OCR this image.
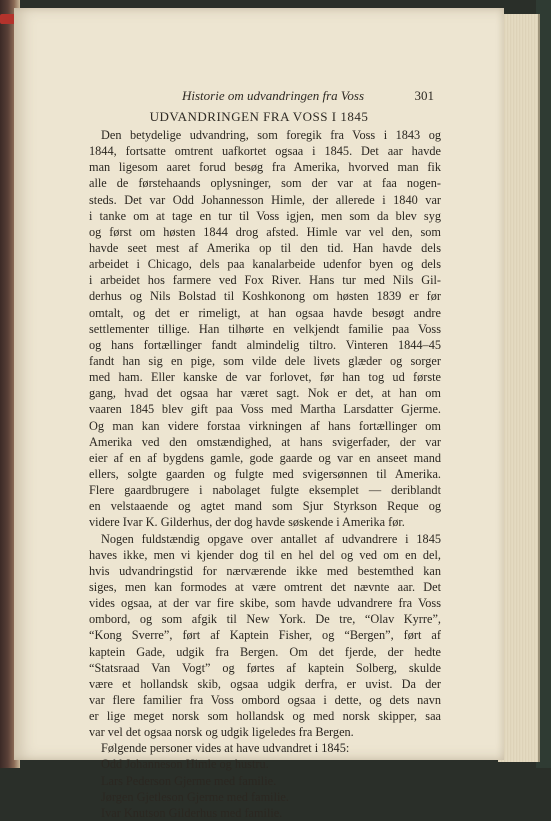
Historie om udvandringen fra Voss	301
UDVANDRINGEN FRA VOSS I 1845
Den betydelige udvandring, som foregik fra Voss i 1843 og
1844, fortsatte omtrent uafkortet ogsaa i 1845. Det aar havde
man ligesom aaret forud besøg fra Amerika, hvorved man fik
alle de førstehaands oplysninger, som der var at faa nogen-
steds. Det var Odd Johannesson Himle, der allerede i 1840 var
i tanke om at tage en tur til Voss igjen, men som da blev syg
og først om høsten 1844 drog afsted. Himle var vel den, som
havde seet mest af Amerika op til den tid. Han havde dels
arbeidet i Chicago, dels paa kanalarbeide udenfor byen og dels
i arbeidet hos farmere ved Fox River. Hans tur med Nils Gil-
derhus og Nils Bolstad til Koshkonong om høsten 1839 er før
omtalt, og det er rimeligt, at han ogsaa havde besøgt andre
settlementer tillige. Han tilhørte en velkjendt familie paa Voss
og hans fortællinger fandt almindelig tiltro. Vinteren 1844–45
fandt han sig en pige, som vilde dele livets glæder og sorger
med ham. Eller kanske de var forlovet, før han tog ud første
gang, hvad det ogsaa har været sagt. Nok er det, at han om
vaaren 1845 blev gift paa Voss med Martha Larsdatter Gjerme.
Og man kan videre forstaa virkningen af hans fortællinger om
Amerika ved den omstændighed, at hans svigerfader, der var
eier af en af bygdens gamle, gode gaarde og var en anseet mand
ellers, solgte gaarden og fulgte med svigersønnen til Amerika.
Flere gaardbrugere i nabolaget fulgte eksemplet — deriblandt
en velstaaende og agtet mand som Sjur Styrkson Reque og
videre Ivar K. Gilderhus, der dog havde søskende i Amerika før.
Nogen fuldstændig opgave over antallet af udvandrere i 1845
haves ikke, men vi kjender dog til en hel del og ved om en del,
hvis udvandringstid for nærværende ikke med bestemthed kan
siges, men kan formodes at være omtrent det nævnte aar. Det
vides ogsaa, at der var fire skibe, som havde udvandrere fra Voss
ombord, og som afgik til New York. De tre, “Olav Kyrre”,
“Kong Sverre”, ført af Kaptein Fisher, og “Bergen”, ført af
kaptein Gade, udgik fra Bergen. Om det fjerde, der hedte
“Statsraad Van Vogt” og førtes af kaptein Solberg, skulde
være et hollandsk skib, ogsaa udgik derfra, er uvist. Da der
var flere familier fra Voss ombord ogsaa i dette, og dets navn
er lige meget norsk som hollandsk og med norsk skipper, saa
var vel det ogsaa norsk og udgik ligeledes fra Bergen.
Følgende personer vides at have udvandret i 1845:
Odd Johanneson Himle og hustru.
Lars Pederson Gjerme med familie.
Jørgen Gjetleson Gjerme med familie.
Ivar Knutson Gilderhus med familie.
